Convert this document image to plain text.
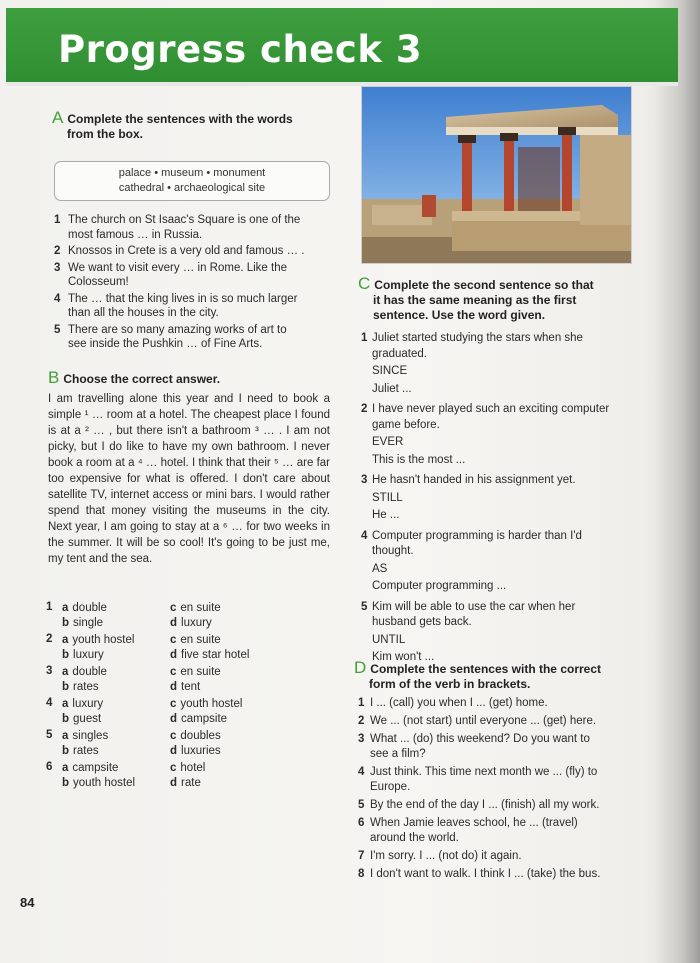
Progress check 3
A Complete the sentences with the words
from the box.
palace • museum • monument
cathedral • archaeological site
1 The church on St Isaac's Square is one of the
most famous … in Russia.
2 Knossos in Crete is a very old and famous … .
3 We want to visit every … in Rome. Like the
Colosseum!
4 The … that the king lives in is so much larger
than all the houses in the city.
5 There are so many amazing works of art to
see inside the Pushkin … of Fine Arts.
B Choose the correct answer.
I am travelling alone this year and I need to book a simple ¹ … room at a hotel. The cheapest place I found is at a ² … , but there isn't a bathroom ³ … . I am not picky, but I do like to have my own bathroom. I never book a room at a ⁴ … hotel. I think that their ⁵ … are far too expensive for what is offered. I don't care about satellite TV, internet access or mini bars. I would rather spend that money visiting the museums in the city. Next year, I am going to stay at a ⁶ … for two weeks in the summer. It will be so cool! It's going to be just me, my tent and the sea.
1 a double
b single
c en suite
d luxury
2 a youth hostel
b luxury
c en suite
d five star hotel
3 a double
b rates
c en suite
d tent
4 a luxury
b guest
c youth hostel
d campsite
5 a singles
b rates
c doubles
d luxuries
6 a campsite
b youth hostel
c hotel
d rate
C Complete the second sentence so that
it has the same meaning as the first
sentence. Use the word given.
1 Juliet started studying the stars when she
graduated.
SINCE
Juliet ...
2 I have never played such an exciting computer
game before.
EVER
This is the most ...
3 He hasn't handed in his assignment yet.
STILL
He ...
4 Computer programming is harder than I'd
thought.
AS
Computer programming ...
5 Kim will be able to use the car when her
husband gets back.
UNTIL
Kim won't ...
D Complete the sentences with the correct
form of the verb in brackets.
1 I ... (call) you when I ... (get) home.
2 We ... (not start) until everyone ... (get) here.
3 What ... (do) this weekend? Do you want to
see a film?
4 Just think. This time next month we ... (fly) to
Europe.
5 By the end of the day I ... (finish) all my work.
6 When Jamie leaves school, he ... (travel)
around the world.
7 I'm sorry. I ... (not do) it again.
8 I don't want to walk. I think I ... (take) the bus.
84
